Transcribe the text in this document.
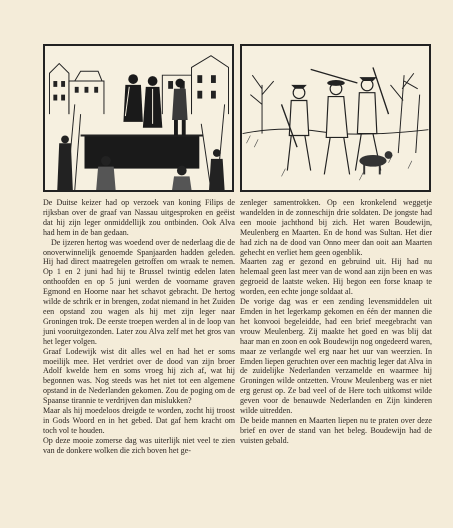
De Duitse keizer had op verzoek van koning Filips de rijksban over de graaf van Nassau uitgesproken en geëist dat hij zijn leger onmiddellijk zou ontbinden. Ook Alva had hem in de ban gedaan.

De ijzeren hertog was woedend over de nederlaag die de onoverwinnelijk genoemde Spanjaarden hadden geleden. Hij had direct maatregelen getroffen om wraak te nemen. Op 1 en 2 juni had hij te Brussel twintig edelen laten onthoofden en op 5 juni werden de voorname graven Egmond en Hoorne naar het schavot gebracht. De hertog wilde de schrik er in brengen, zodat niemand in het Zuiden een opstand zou wagen als hij met zijn leger naar Groningen trok. De eerste troepen werden al in de loop van juni vooruitgezonden. Later zou Alva zelf met het gros van het leger volgen.

Graaf Lodewijk wist dit alles wel en had het er soms moeilijk mee. Het verdriet over de dood van zijn broer Adolf kwelde hem en soms vroeg hij zich af, wat hij begonnen was. Nog steeds was het niet tot een algemene opstand in de Nederlanden gekomen. Zou de poging om de Spaanse tirannie te verdrijven dan mislukken?

Maar als hij moedeloos dreigde te worden, zocht hij troost in Gods Woord en in het gebed. Dat gaf hem kracht om toch vol te houden.

Op deze mooie zomerse dag was uiterlijk niet veel te zien van de donkere wolken die zich boven het ge-

zenleger samentrokken. Op een kronkelend weggetje wandelden in de zonneschijn drie soldaten. De jongste had een mooie jachthond bij zich. Het waren Boudewijn, Meulenberg en Maarten. En de hond was Sultan. Het dier had zich na de dood van Onno meer dan ooit aan Maarten gehecht en verliet hem geen ogenblik.

Maarten zag er gezond en gebruind uit. Hij had nu helemaal geen last meer van de wond aan zijn been en was gegroeid de laatste weken. Hij begon een forse knaap te worden, een echte jonge soldaat al.

De vorige dag was er een zending levensmiddelen uit Emden in het legerkamp gekomen en één der mannen die het konvooi begeleidde, had een brief meegebracht van vrouw Meulenberg. Zij maakte het goed en was blij dat haar man en zoon en ook Boudewijn nog ongedeerd waren, maar ze verlangde wel erg naar het uur van weerzien. In Emden liepen geruchten over een machtig leger dat Alva in de zuidelijke Nederlanden verzamelde en waarmee hij Groningen wilde ontzetten. Vrouw Meulenberg was er niet erg gerust op. Ze bad veel of de Here toch uitkomst wilde geven voor de benauwde Nederlanden en Zijn kinderen wilde uitredden.

De beide mannen en Maarten liepen nu te praten over deze brief en over de stand van het beleg. Boudewijn had de vuisten gebald.
